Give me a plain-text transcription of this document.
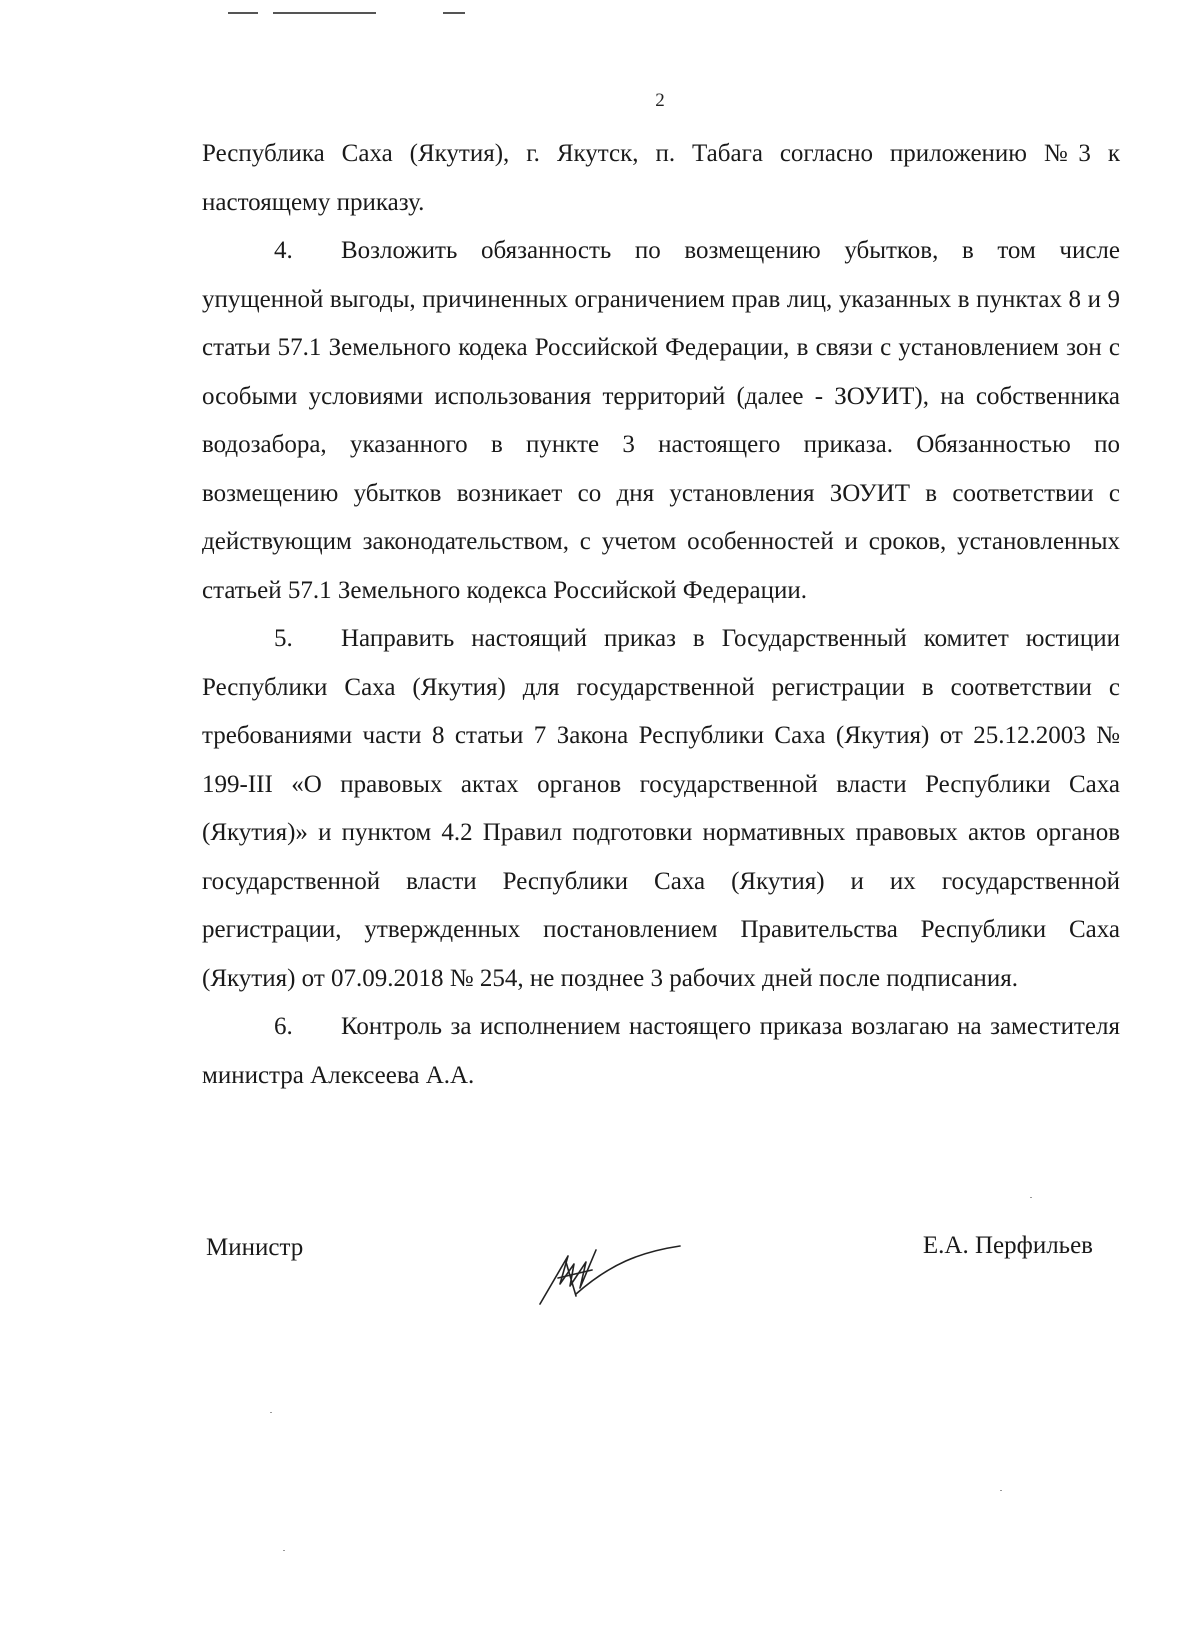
2

Республика Саха (Якутия), г. Якутск, п. Табага согласно приложению №3 к настоящему приказу.

4. Возложить обязанность по возмещению убытков, в том числе упущенной выгоды, причиненных ограничением прав лиц, указанных в пунктах 8 и 9 статьи 57.1 Земельного кодека Российской Федерации, в связи с установлением зон с особыми условиями использования территорий (далее - ЗОУИТ), на собственника водозабора, указанного в пункте 3 настоящего приказа. Обязанностью по возмещению убытков возникает со дня установления ЗОУИТ в соответствии с действующим законодательством, с учетом особенностей и сроков, установленных статьей 57.1 Земельного кодекса Российской Федерации.

5. Направить настоящий приказ в Государственный комитет юстиции Республики Саха (Якутия) для государственной регистрации в соответствии с требованиями части 8 статьи 7 Закона Республики Саха (Якутия) от 25.12.2003 № 199-III «О правовых актах органов государственной власти Республики Саха (Якутия)» и пунктом 4.2 Правил подготовки нормативных правовых актов органов государственной власти Республики Саха (Якутия) и их государственной регистрации, утвержденных постановлением Правительства Республики Саха (Якутия) от 07.09.2018 № 254, не позднее 3 рабочих дней после подписания.

6. Контроль за исполнением настоящего приказа возлагаю на заместителя министра Алексеева А.А.

Министр	Е.А. Перфильев
